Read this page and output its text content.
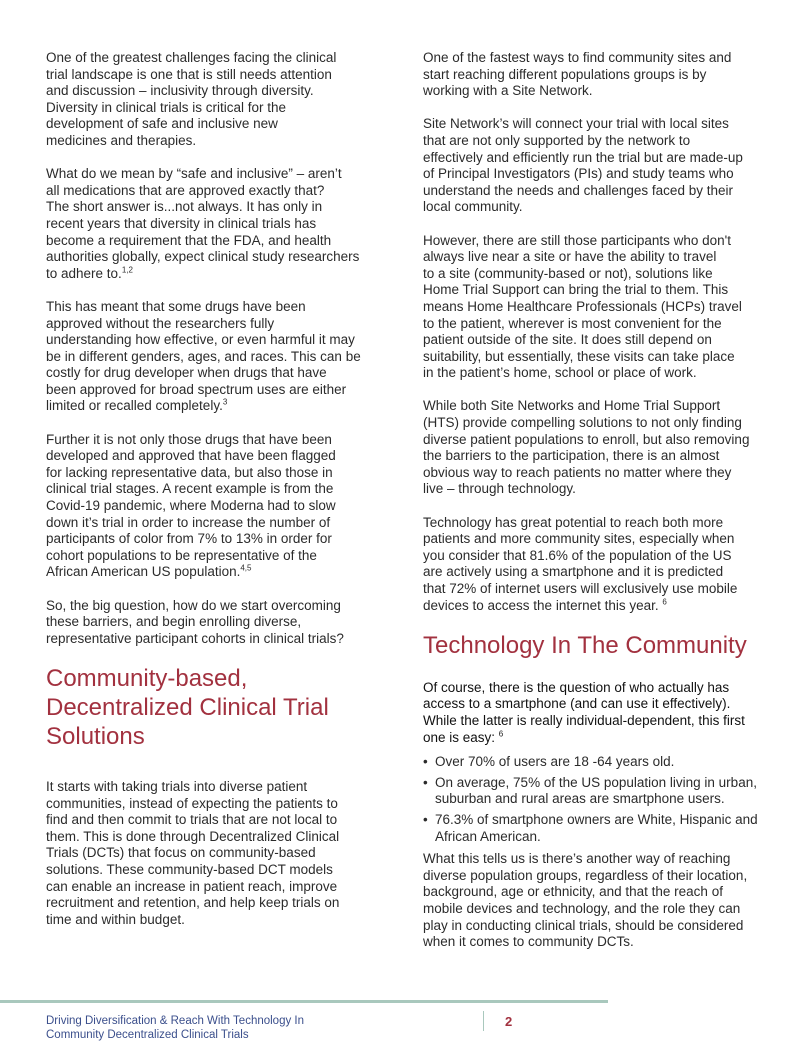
One of the greatest challenges facing the clinical
trial landscape is one that is still needs attention
and discussion – inclusivity through diversity.
Diversity in clinical trials is critical for the
development of safe and inclusive new
medicines and therapies.

What do we mean by “safe and inclusive” – aren’t
all medications that are approved exactly that?
The short answer is...not always. It has only in
recent years that diversity in clinical trials has
become a requirement that the FDA, and health
authorities globally, expect clinical study researchers
to adhere to.$^{1,2}$

This has meant that some drugs have been
approved without the researchers fully
understanding how effective, or even harmful it may
be in different genders, ages, and races. This can be
costly for drug developer when drugs that have
been approved for broad spectrum uses are either
limited or recalled completely.$^3$

Further it is not only those drugs that have been
developed and approved that have been flagged
for lacking representative data, but also those in
clinical trial stages. A recent example is from the
Covid-19 pandemic, where Moderna had to slow
down it’s trial in order to increase the number of
participants of color from 7% to 13% in order for
cohort populations to be representative of the
African American US population.$^{4,5}$

So, the big question, how do we start overcoming
these barriers, and begin enrolling diverse,
representative participant cohorts in clinical trials?

Community-based,
Decentralized Clinical Trial
Solutions

It starts with taking trials into diverse patient
communities, instead of expecting the patients to
find and then commit to trials that are not local to
them. This is done through Decentralized Clinical
Trials (DCTs) that focus on community-based
solutions. These community-based DCT models
can enable an increase in patient reach, improve
recruitment and retention, and help keep trials on
time and within budget.

One of the fastest ways to find community sites and
start reaching different populations groups is by
working with a Site Network.

Site Network’s will connect your trial with local sites
that are not only supported by the network to
effectively and efficiently run the trial but are made-up
of Principal Investigators (PIs) and study teams who
understand the needs and challenges faced by their
local community.

However, there are still those participants who don't
always live near a site or have the ability to travel
to a site (community-based or not), solutions like
Home Trial Support can bring the trial to them. This
means Home Healthcare Professionals (HCPs) travel
to the patient, wherever is most convenient for the
patient outside of the site. It does still depend on
suitability, but essentially, these visits can take place
in the patient’s home, school or place of work.

While both Site Networks and Home Trial Support
(HTS) provide compelling solutions to not only finding
diverse patient populations to enroll, but also removing
the barriers to the participation, there is an almost
obvious way to reach patients no matter where they
live – through technology.

Technology has great potential to reach both more
patients and more community sites, especially when
you consider that 81.6% of the population of the US
are actively using a smartphone and it is predicted
that 72% of internet users will exclusively use mobile
devices to access the internet this year. $^6$

Technology In The Community

Of course, there is the question of who actually has
access to a smartphone (and can use it effectively).
While the latter is really individual-dependent, this first
one is easy: $^6$

• Over 70% of users are 18 -64 years old.
• On average, 75% of the US population living in urban,
suburban and rural areas are smartphone users.
• 76.3% of smartphone owners are White, Hispanic and
African American.

What this tells us is there’s another way of reaching
diverse population groups, regardless of their location,
background, age or ethnicity, and that the reach of
mobile devices and technology, and the role they can
play in conducting clinical trials, should be considered
when it comes to community DCTs.

Driving Diversification & Reach With Technology In
Community Decentralized Clinical Trials
2
